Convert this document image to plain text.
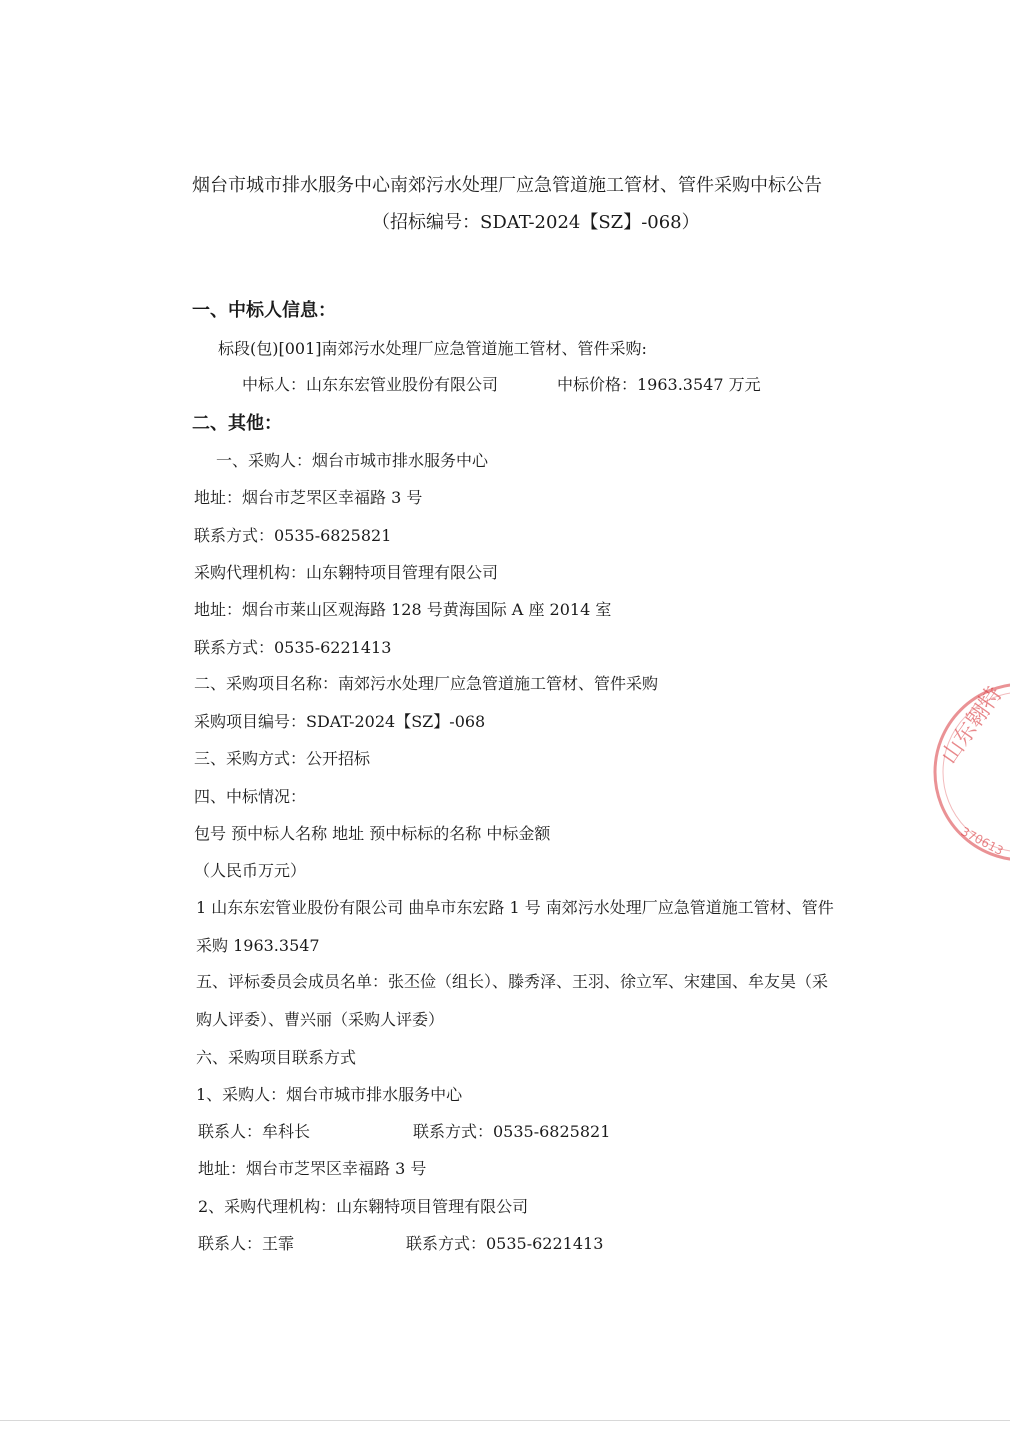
烟台市城市排水服务中心南郊污水处理厂应急管道施工管材、管件采购中标公告
（招标编号：SDAT-2024【SZ】-068）
一、中标人信息：
标段(包)[001]南郊污水处理厂应急管道施工管材、管件采购:
中标人：山东东宏管业股份有限公司	中标价格：1963.3547 万元
二、其他：
一、采购人：烟台市城市排水服务中心
地址：烟台市芝罘区幸福路 3 号
联系方式：0535-6825821
采购代理机构：山东翱特项目管理有限公司
地址：烟台市莱山区观海路 128 号黄海国际 A 座 2014 室
联系方式：0535-6221413
二、采购项目名称：南郊污水处理厂应急管道施工管材、管件采购
采购项目编号：SDAT-2024【SZ】-068
三、采购方式：公开招标
四、中标情况：
包号 预中标人名称 地址 预中标标的名称 中标金额
（人民币万元）
1 山东东宏管业股份有限公司 曲阜市东宏路 1 号 南郊污水处理厂应急管道施工管材、管件
采购 1963.3547
五、评标委员会成员名单：张丕俭（组长）、滕秀泽、王羽、徐立军、宋建国、牟友昊（采
购人评委）、曹兴丽（采购人评委）
六、采购项目联系方式
1、采购人：烟台市城市排水服务中心
联系人：牟科长	联系方式：0535-6825821
地址：烟台市芝罘区幸福路 3 号
2、采购代理机构：山东翱特项目管理有限公司
联系人：王霏	联系方式：0535-6221413
山东翱特
370613
